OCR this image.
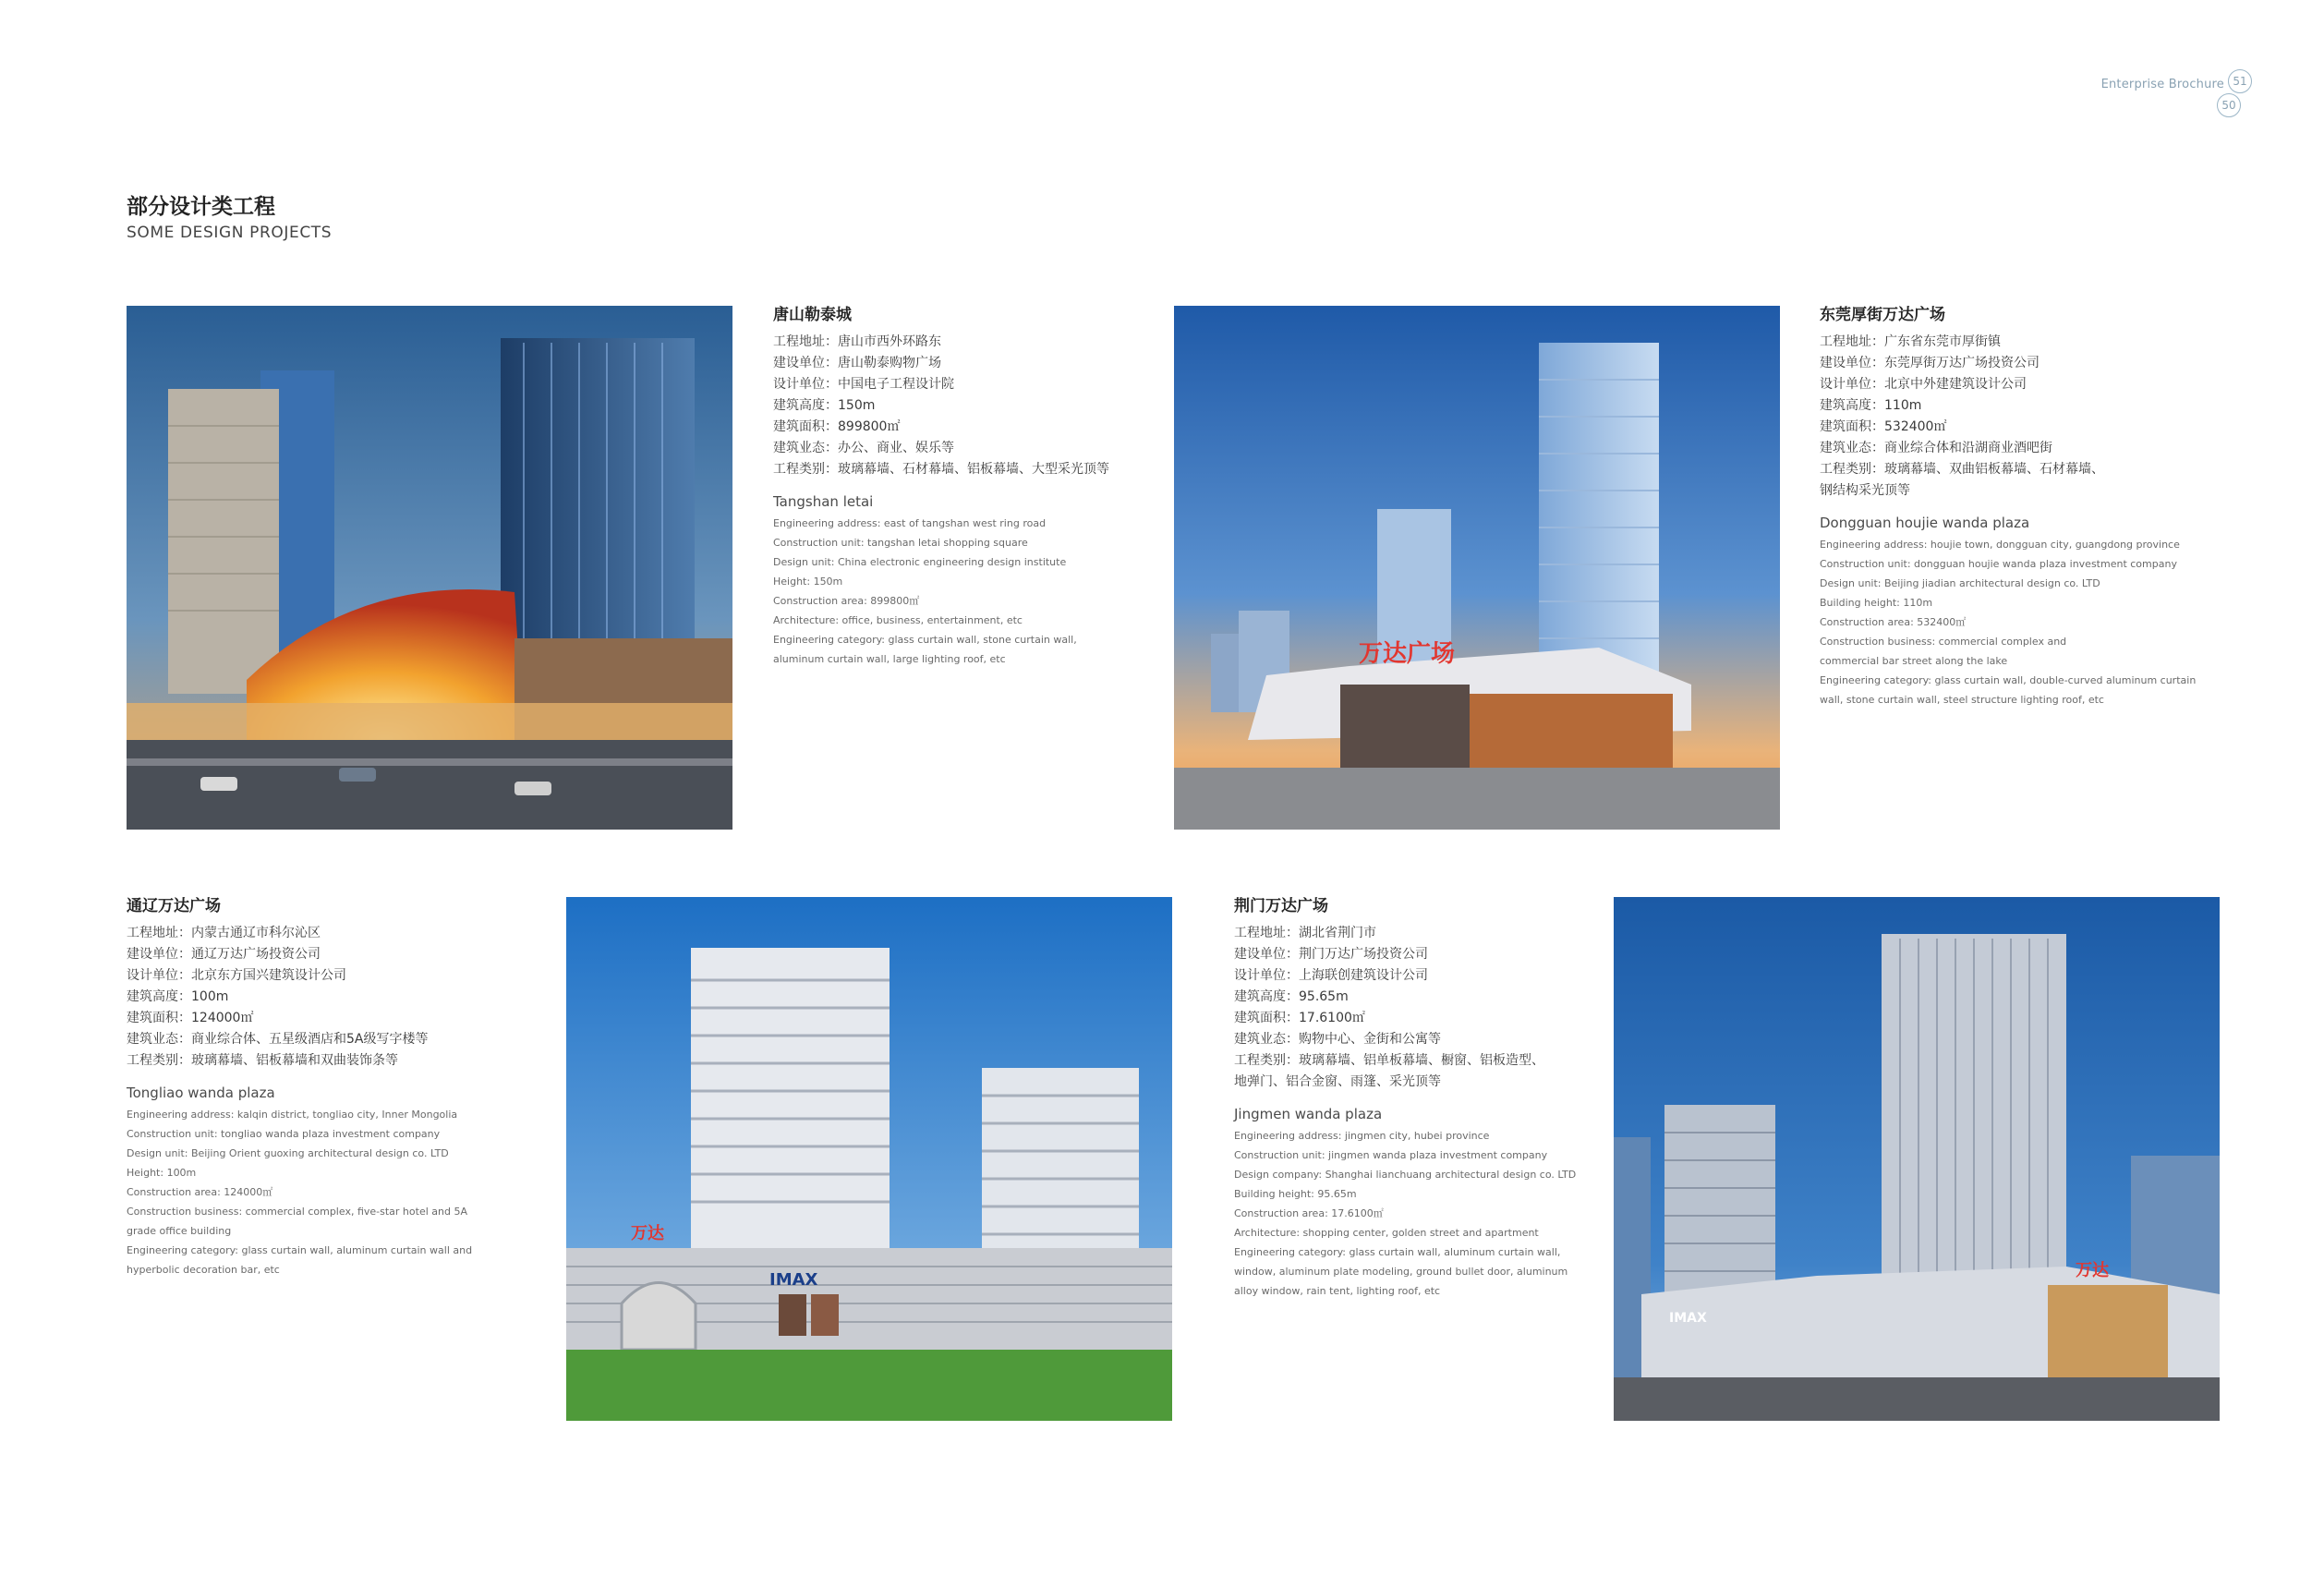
Enterprise Brochure 51
50
部分设计类工程
SOME DESIGN PROJECTS
唐山勒泰城
工程地址：唐山市西外环路东
建设单位：唐山勒泰购物广场
设计单位：中国电子工程设计院
建筑高度：150m
建筑面积：899800㎡
建筑业态：办公、商业、娱乐等
工程类别：玻璃幕墙、石材幕墙、铝板幕墙、大型采光顶等
Tangshan letai
Engineering address: east of tangshan west ring road
Construction unit: tangshan letai shopping square
Design unit: China electronic engineering design institute
Height: 150m
Construction area: 899800㎡
Architecture: office, business, entertainment, etc
Engineering category: glass curtain wall, stone curtain wall,
aluminum curtain wall, large lighting roof, etc	万达广场
东莞厚街万达广场
工程地址：广东省东莞市厚街镇
建设单位：东莞厚街万达广场投资公司
设计单位：北京中外建建筑设计公司
建筑高度：110m
建筑面积：532400㎡
建筑业态：商业综合体和沿湖商业酒吧街
工程类别：玻璃幕墙、双曲铝板幕墙、石材幕墙、
钢结构采光顶等
Dongguan houjie wanda plaza
Engineering address: houjie town, dongguan city, guangdong province
Construction unit: dongguan houjie wanda plaza investment company
Design unit: Beijing jiadian architectural design co. LTD
Building height: 110m
Construction area: 532400㎡
Construction business: commercial complex and
commercial bar street along the lake
Engineering category: glass curtain wall, double-curved aluminum curtain
wall, stone curtain wall, steel structure lighting roof, etc
通辽万达广场
工程地址：内蒙古通辽市科尔沁区
建设单位：通辽万达广场投资公司
设计单位：北京东方国兴建筑设计公司
建筑高度：100m
建筑面积：124000㎡
建筑业态：商业综合体、五星级酒店和5A级写字楼等
工程类别：玻璃幕墙、铝板幕墙和双曲装饰条等
Tongliao wanda plaza
Engineering address: kalqin district, tongliao city, Inner Mongolia
Construction unit: tongliao wanda plaza investment company
Design unit: Beijing Orient guoxing architectural design co. LTD
Height: 100m
Construction area: 124000㎡
Construction business: commercial complex, five-star hotel and 5A
grade office building
Engineering category: glass curtain wall, aluminum curtain wall and
hyperbolic decoration bar, etc
万达
IMAX
荆门万达广场
工程地址：湖北省荆门市
建设单位：荆门万达广场投资公司
设计单位：上海联创建筑设计公司
建筑高度：95.65m
建筑面积：17.6100㎡
建筑业态：购物中心、金街和公寓等
工程类别：玻璃幕墙、铝单板幕墙、橱窗、铝板造型、
地弹门、铝合金窗、雨篷、采光顶等
Jingmen wanda plaza
Engineering address: jingmen city, hubei province
Construction unit: jingmen wanda plaza investment company
Design company: Shanghai lianchuang architectural design co. LTD
Building height: 95.65m
Construction area: 17.6100㎡
Architecture: shopping center, golden street and apartment
Engineering category: glass curtain wall, aluminum curtain wall,
window, aluminum plate modeling, ground bullet door, aluminum
alloy window, rain tent, lighting roof, etc
万达
IMAX
